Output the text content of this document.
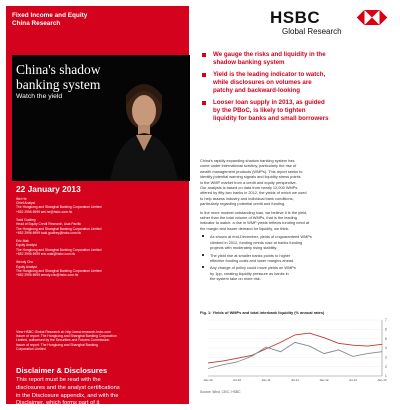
Fixed Income and Equity
China Research
China's shadow
banking system
Watch the yield
22 January 2013
Wei He
Chief Analyst
The Hongkong and Shanghai Banking Corporation Limited
+852 2996 6999 wei.he@hsbc.com.hk
Todd Godfrey
Head of Equity Credit Research, Asia Pacific
The Hongkong and Shanghai Banking Corporation Limited
+852 2996 6999 todd.godfrey@hsbc.com.hk
Eric Mak
Equity Analyst
The Hongkong and Shanghai Banking Corporation Limited
+852 2996 6999 eric.mak@hsbc.com.hk
Wendy Chu
Equity Analyst
The Hongkong and Shanghai Banking Corporation Limited
+852 2996 6999 wendy.chu@hsbc.com.hk
View HSBC Global Research at: http://www.research.hsbc.com
Issuer of report: The Hongkong and Shanghai Banking Corporation
Limited, authorised by the Securities and Futures Commission.
Issuer of report: The Hongkong and Shanghai Banking
Corporation Limited
Disclaimer & Disclosures
This report must be read with the
disclosures and the analyst certifications
in the Disclosure appendix, and with the
Disclaimer, which forms part of it
HSBC
Global Research
We gauge the risks and liquidity in the
shadow banking system
Yield is the leading indicator to watch,
while disclosures on volumes are
patchy and backward-looking
Looser loan supply in 2013, as guided
by the PBoC, is likely to tighten
liquidity for banks and small borrowers
China's rapidly expanding shadow banking system has
come under international scrutiny, particularly the rise of
wealth management products (WMPs). This report seeks to
identify potential warning signals and liquidity stress points
in the WMP market from a credit and equity perspective.
Our analysis is based on data from nearly 12,000 WMPs
offered by fifty-two banks in 2012, the yields of which we used
to help assess industry and individual bank conditions,
particularly regarding potential credit and funding.
In the more modest outstanding loan, we believe it is the yield,
rather than the total volume of WMPs, that is the leading
indicator to watch: a rise in WMP yields reflects funding need at
the margin and issuer demand for liquidity, we think.
As shown at end-December, yields of unguaranteed WMPs
climbed in 2012, funding needs rose at banks funding
projects with moderately rising stability.
The yield rise at smaller banks points to higher
effective funding costs and lower margins ahead.
Any change of policy could move yields on WMPs
by 1pp, creating liquidity pressure as banks in
the system take on more risk.
Fig. 1: Yields of WMPs and total interbank liquidity (% annual rates)
1
2
3
4
5
6
7
Jan-10	Jul-10	Jan-11	Jul-11	Jan-12	Jul-12	Jan-13
Source: Wind, CEIC, HSBC
